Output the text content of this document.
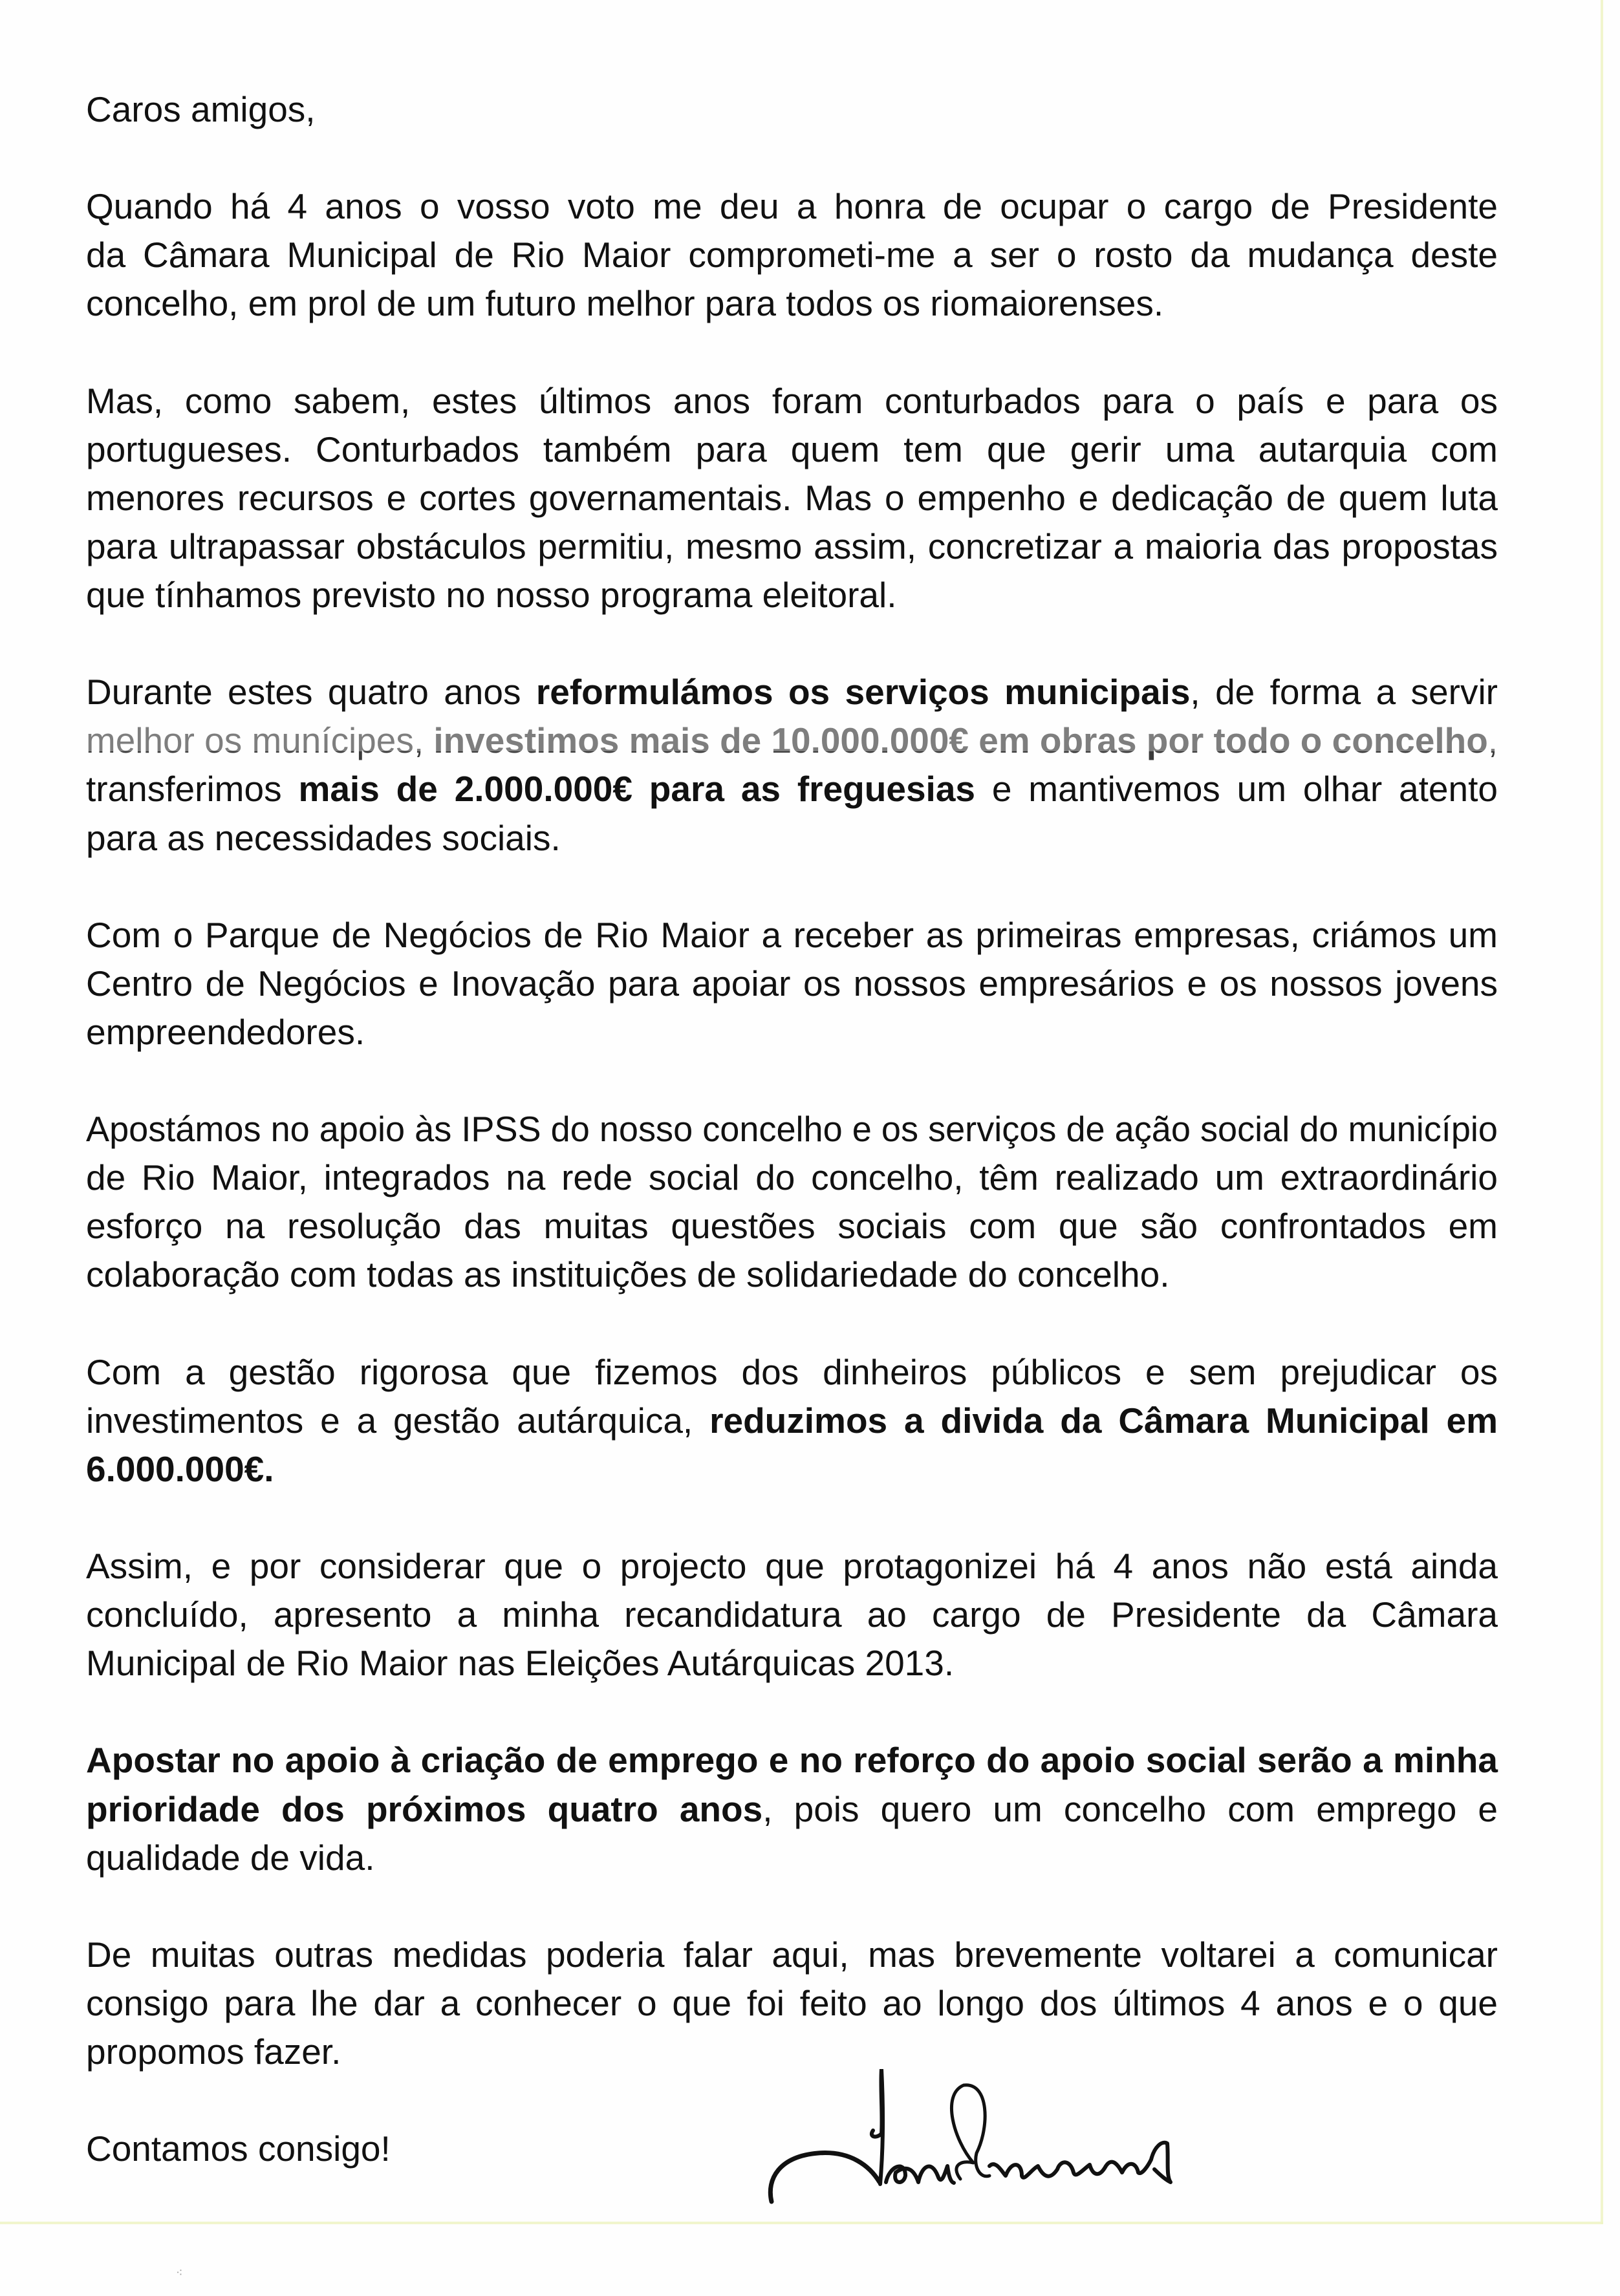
⁖
Caros amigos,
Quando há 4 anos o vosso voto me deu a honra de ocupar o cargo de Presidente
da Câmara Municipal de Rio Maior comprometi-me a ser o rosto da mudança deste
concelho, em prol de um futuro melhor para todos os riomaiorenses.
Mas, como sabem, estes últimos anos foram conturbados para o país e para os
portugueses. Conturbados também para quem tem que gerir uma autarquia com
menores recursos e cortes governamentais. Mas o empenho e dedicação de quem luta
para ultrapassar obstáculos permitiu, mesmo assim, concretizar a maioria das propostas
que tínhamos previsto no nosso programa eleitoral.
Durante estes quatro anos reformulámos os serviços municipais, de forma a servir
melhor os munícipes, investimos mais de 10.000.000€ em obras por todo o concelho,
transferimos mais de 2.000.000€ para as freguesias e mantivemos um olhar atento
para as necessidades sociais.
Com o Parque de Negócios de Rio Maior a receber as primeiras empresas, criámos um
Centro de Negócios e Inovação para apoiar os nossos empresários e os nossos jovens
empreendedores.
Apostámos no apoio às IPSS do nosso concelho e os serviços de ação social do município
de Rio Maior, integrados na rede social do concelho, têm realizado um extraordinário
esforço na resolução das muitas questões sociais com que são confrontados em
colaboração com todas as instituições de solidariedade do concelho.
Com a gestão rigorosa que fizemos dos dinheiros públicos e sem prejudicar os
investimentos e a gestão autárquica, reduzimos a divida da Câmara Municipal em
6.000.000€.
Assim, e por considerar que o projecto que protagonizei há 4 anos não está ainda
concluído, apresento a minha recandidatura ao cargo de Presidente da Câmara
Municipal de Rio Maior nas Eleições Autárquicas 2013.
Apostar no apoio à criação de emprego e no reforço do apoio social serão a minha
prioridade dos próximos quatro anos, pois quero um concelho com emprego e
qualidade de vida.
De muitas outras medidas poderia falar aqui, mas brevemente voltarei a comunicar
consigo para lhe dar a conhecer o que foi feito ao longo dos últimos 4 anos e o que
propomos fazer.
Contamos consigo!
